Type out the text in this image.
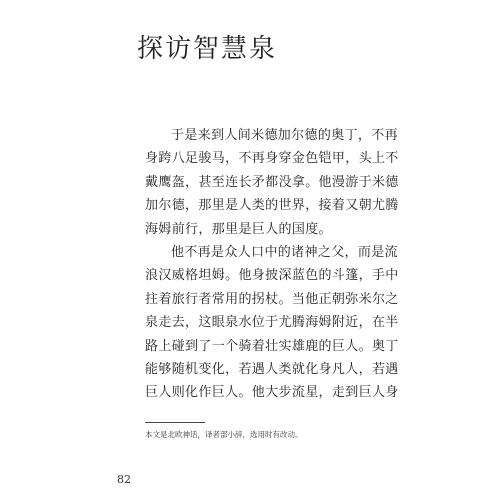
探访智慧泉
于是来到人间米德加尔德的奥丁，不再
身跨八足骏马，不再身穿金色铠甲，头上不
戴鹰盔，甚至连长矛都没拿。他漫游于米德
加尔德，那里是人类的世界，接着又朝尤腾
海姆前行，那里是巨人的国度。
他不再是众人口中的诸神之父，而是流
浪汉威格坦姆。他身披深蓝色的斗篷，手中
拄着旅行者常用的拐杖。当他正朝弥米尔之
泉走去，这眼泉水位于尤腾海姆附近，在半
路上碰到了一个骑着壮实雄鹿的巨人。奥丁
能够随机变化，若遇人类就化身凡人，若遇
巨人则化作巨人。他大步流星，走到巨人身
本文是北欧神话，译者部小辞，选用时有改动。
82
